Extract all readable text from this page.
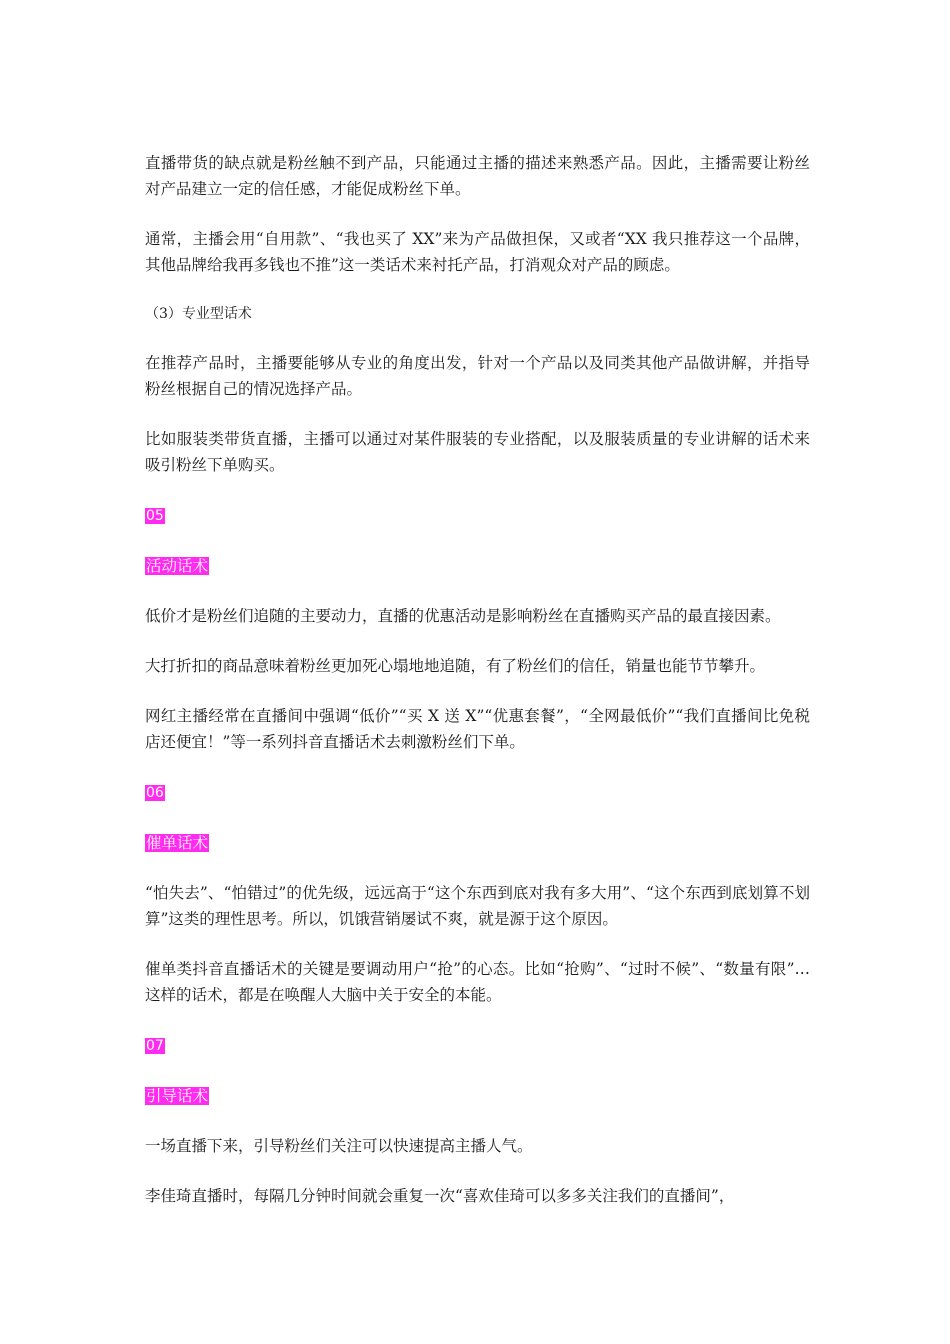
直播带货的缺点就是粉丝触不到产品，只能通过主播的描述来熟悉产品。因此，主播需要让粉丝对产品建立一定的信任感，才能促成粉丝下单。

通常，主播会用“自用款”、“我也买了 XX”来为产品做担保，又或者“XX 我只推荐这一个品牌，其他品牌给我再多钱也不推”这一类话术来衬托产品，打消观众对产品的顾虑。

（3）专业型话术

在推荐产品时，主播要能够从专业的角度出发，针对一个产品以及同类其他产品做讲解，并指导粉丝根据自己的情况选择产品。

比如服装类带货直播，主播可以通过对某件服装的专业搭配，以及服装质量的专业讲解的话术来吸引粉丝下单购买。

05

活动话术

低价才是粉丝们追随的主要动力，直播的优惠活动是影响粉丝在直播购买产品的最直接因素。

大打折扣的商品意味着粉丝更加死心塌地地追随，有了粉丝们的信任，销量也能节节攀升。

网红主播经常在直播间中强调“低价”“买 X 送 X”“优惠套餐”，“全网最低价”“我们直播间比免税店还便宜！”等一系列抖音直播话术去刺激粉丝们下单。

06

催单话术

“怕失去”、“怕错过”的优先级，远远高于“这个东西到底对我有多大用”、“这个东西到底划算不划算”这类的理性思考。所以，饥饿营销屡试不爽，就是源于这个原因。

催单类抖音直播话术的关键是要调动用户“抢”的心态。比如“抢购”、“过时不候”、“数量有限”…这样的话术，都是在唤醒人大脑中关于安全的本能。

07

引导话术

一场直播下来，引导粉丝们关注可以快速提高主播人气。

李佳琦直播时，每隔几分钟时间就会重复一次“喜欢佳琦可以多多关注我们的直播间”，
